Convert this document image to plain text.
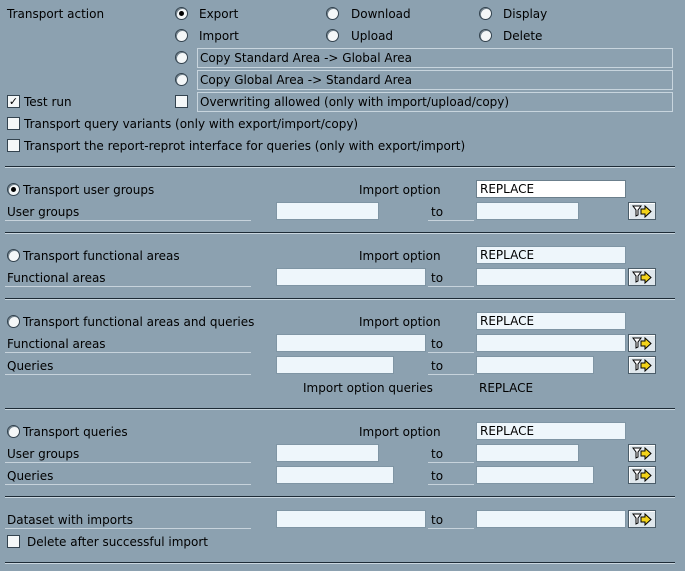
Transport action	Export	Download	Display
Import	Upload	Delete
Copy Standard Area -> Global Area
Copy Global Area -> Standard Area
✓ Test run	Overwriting allowed (only with import/upload/copy)
Transport query variants (only with export/import/copy)
Transport the report-reprot interface for queries (only with export/import)
Transport user groups	Import option	REPLACE
User groups	to
Transport functional areas	Import option	REPLACE
Functional areas	to
Transport functional areas and queries	Import option	REPLACE
Functional areas	to
Queries	to
Import option queries	REPLACE
Transport queries	Import option	REPLACE
User groups	to
Queries	to
Dataset with imports	to
Delete after successful import
